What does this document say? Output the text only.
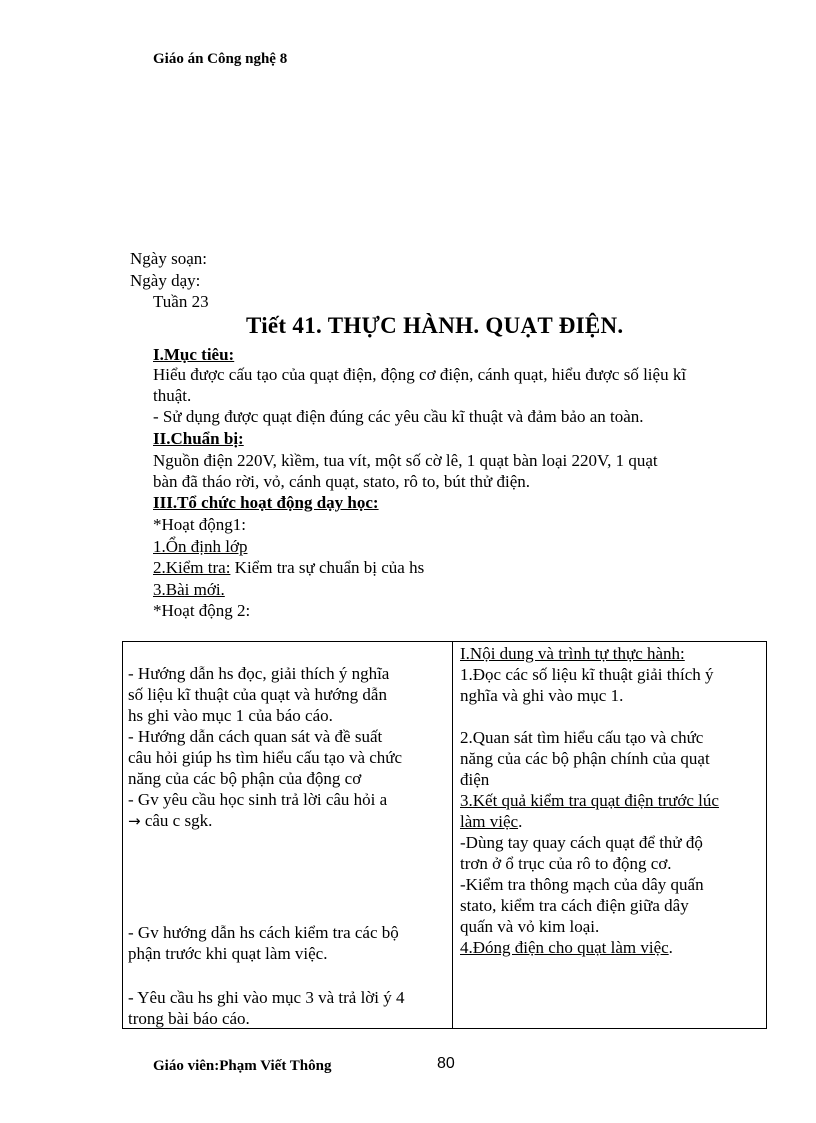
Giáo án Công nghệ 8
Ngày soạn:
Ngày dạy:
Tuần 23
Tiết 41. THỰC HÀNH. QUẠT ĐIỆN.
I.Mục tiêu:
Hiểu được cấu tạo của quạt điện, động cơ điện, cánh quạt, hiểu được số liệu kĩ
thuật.
- Sử dụng được quạt điện đúng các yêu cầu kĩ thuật và đảm bảo an toàn.
II.Chuẩn bị:
Nguồn điện 220V, kìềm, tua vít, một số cờ lê, 1 quạt bàn loại 220V, 1 quạt
bàn đã tháo rời, vỏ, cánh quạt, stato, rô to, bút thử điện.
III.Tổ chức hoạt động dạy học:
*Hoạt động1:
1.Ổn định lớp
2.Kiểm tra: Kiểm tra sự chuẩn bị của hs
3.Bài mới.
*Hoạt động 2:
- Hướng dẫn hs đọc, giải thích ý nghĩa
số liệu kĩ thuật của quạt và hướng dẫn
hs ghi vào mục 1 của báo cáo.
- Hướng dẫn cách quan sát và đề suất
câu hỏi giúp hs tìm hiểu cấu tạo và chức
năng của các bộ phận của động cơ
- Gv yêu cầu học sinh trả lời câu hỏi a
→ câu c sgk.
- Gv hướng dẫn hs cách kiểm tra các bộ
phận trước khi quạt làm việc.
- Yêu cầu hs ghi vào mục 3 và trả lời ý 4
trong bài báo cáo.
I.Nội dung và trình tự thực hành:
1.Đọc các số liệu kĩ thuật giải thích ý
nghĩa và ghi vào mục 1.
2.Quan sát tìm hiểu cấu tạo và chức
năng của các bộ phận chính của quạt
điện
3.Kết quả kiểm tra quạt điện trước lúc
làm việc.
-Dùng tay quay cách quạt để thử độ
trơn ở ổ trục của rô to động cơ.
-Kiểm tra thông mạch của dây quấn
stato, kiểm tra cách điện giữa dây
quấn và vỏ kim loại.
4.Đóng điện cho quạt làm việc.
Giáo viên:Phạm Viết Thông	80
